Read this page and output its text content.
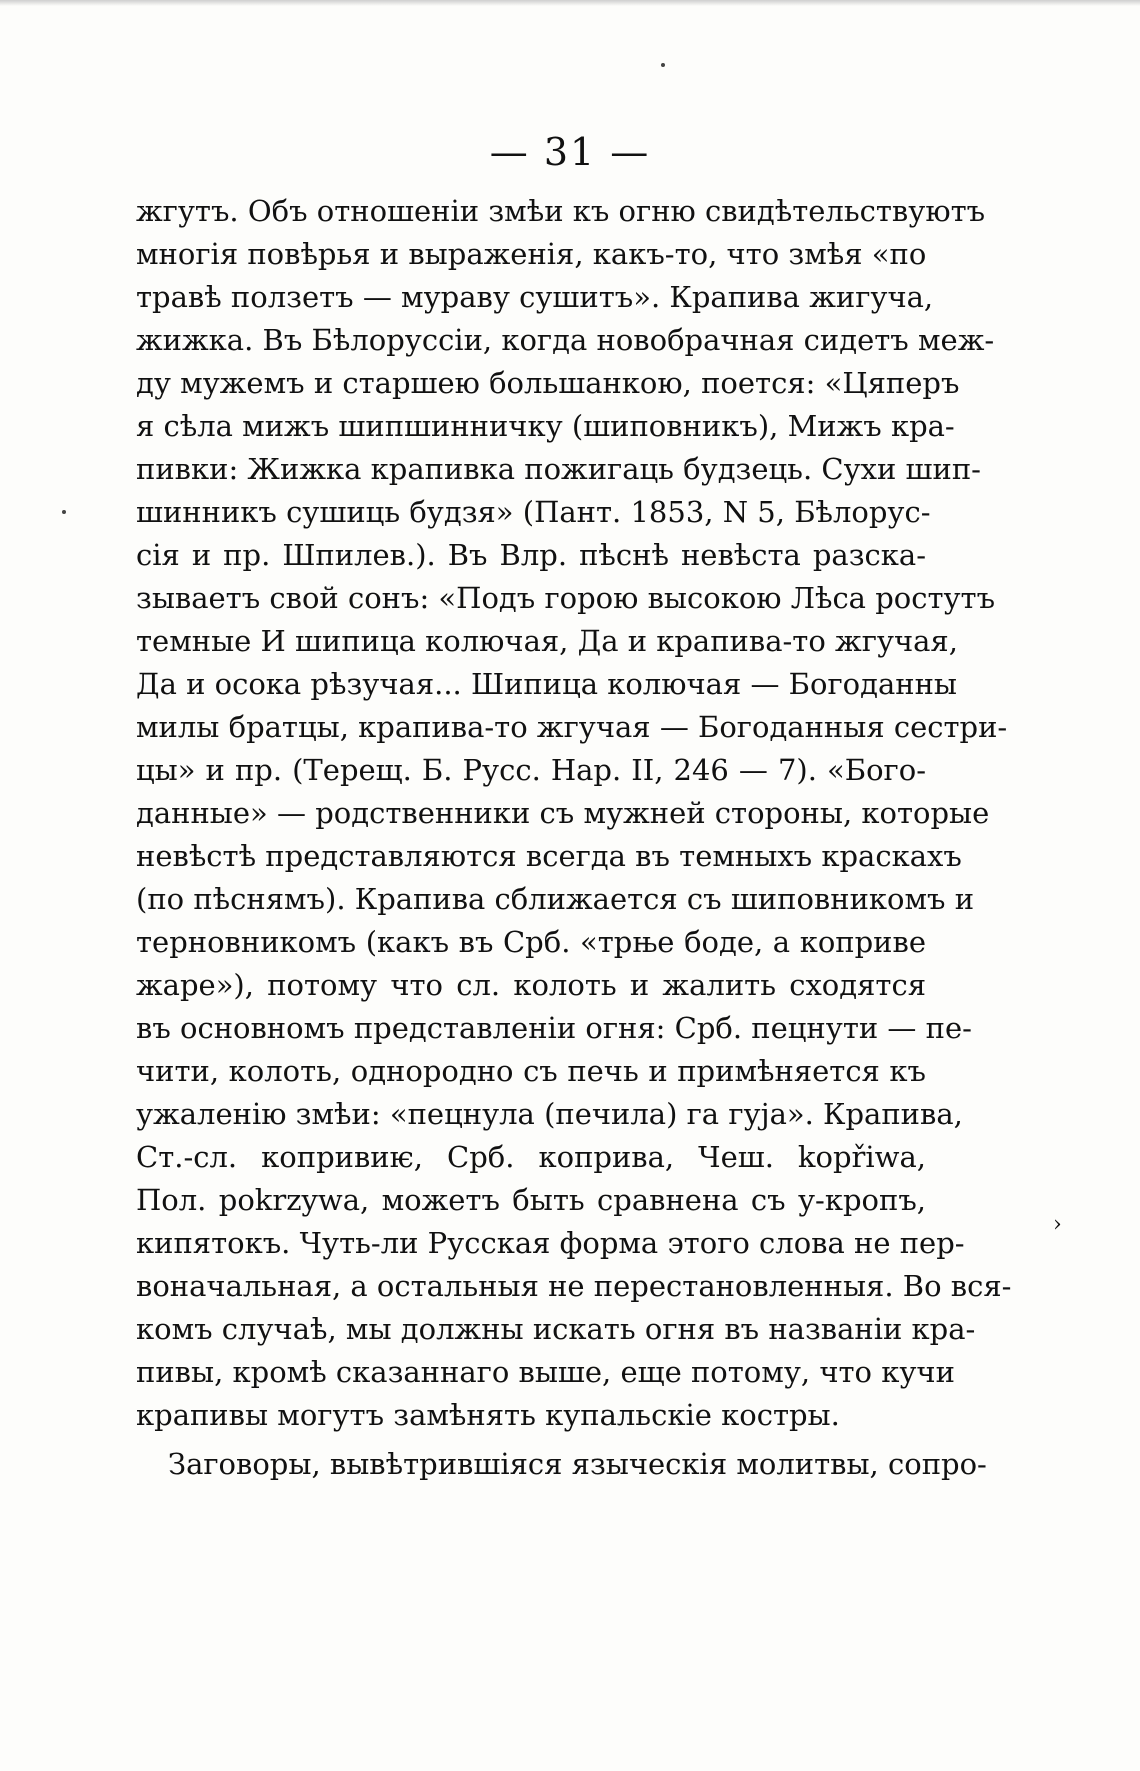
— 31 —
жгутъ. Объ отношеніи змѣи къ огню свидѣтельствуютъ
многія повѣрья и выраженія, какъ-то, что змѣя «по
травѣ ползетъ — мураву сушитъ». Крапива жигуча,
жижка. Въ Бѣлоруссіи, когда новобрачная сидетъ меж-
ду мужемъ и старшею большанкою, поется: «Цяперъ
я сѣла мижъ шипшинничку (шиповникъ), Мижъ кра-
пивки: Жижка крапивка пожигаць будзець. Сухи шип-
шинникъ сушиць будзя» (Пант. 1853, N 5, Бѣлорус-
сія и пр. Шпилев.). Въ Влр. пѣснѣ невѣста разска-
зываетъ свой сонъ: «Подъ горою высокою Лѣса ростутъ
темные И шипица колючая, Да и крапива-то жгучая,
Да и осока рѣзучая... Шипица колючая — Богоданны
милы братцы, крапива-то жгучая — Богоданныя сестри-
цы» и пр. (Терещ. Б. Русс. Нар. II, 246 — 7). «Бого-
данные» — родственники съ мужней стороны, которые
невѣстѣ представляются всегда въ темныхъ краскахъ
(по пѣснямъ). Крапива сближается съ шиповникомъ и
терновникомъ (какъ въ Срб. «трње боде, а коприве
жаре»), потому что сл. колоть и жалить сходятся
въ основномъ представленіи огня: Срб. пецнути — пе-
чити, колоть, однородно съ печь и примѣняется къ
ужаленію змѣи: «пецнула (печила) га гуја». Крапива,
Ст.-сл. копривиѥ, Срб. коприва, Чеш. kopřiwa,
Пол. pokrzywa, можетъ быть сравнена съ у-кропъ,
кипятокъ. Чуть-ли Русская форма этого слова не пер-
воначальная, а остальныя не перестановленныя. Во вся-
комъ случаѣ, мы должны искать огня въ названіи кра-
пивы, кромѣ сказаннаго выше, еще потому, что кучи
крапивы могутъ замѣнять купальскіе костры.
Заговоры, вывѣтрившіяся языческія молитвы, сопро-
›
